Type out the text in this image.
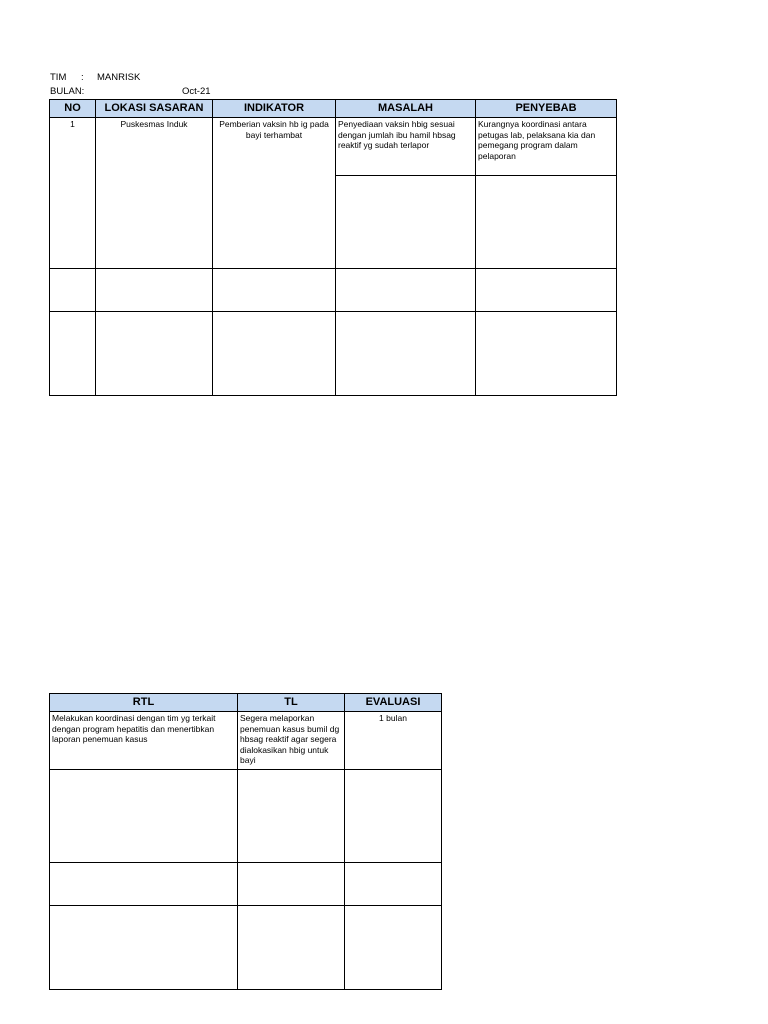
TIM : MANRISK
BULAN:	Oct-21
NO	LOKASI SASARAN	INDIKATOR	MASALAH	PENYEBAB
1	Puskesmas Induk	Pemberian vaksin hb ig pada bayi terhambat	Penyediaan vaksin hbig sesuai dengan jumlah ibu hamil hbsag reaktif yg sudah terlapor	Kurangnya koordinasi antara petugas lab, pelaksana kia dan pemegang program dalam pelaporan

RTL	TL	EVALUASI
Melakukan koordinasi dengan tim yg terkait dengan program hepatitis dan menertibkan laporan penemuan kasus	Segera melaporkan penemuan kasus bumil dg hbsag reaktif agar segera dialokasikan hbig untuk bayi	1 bulan
